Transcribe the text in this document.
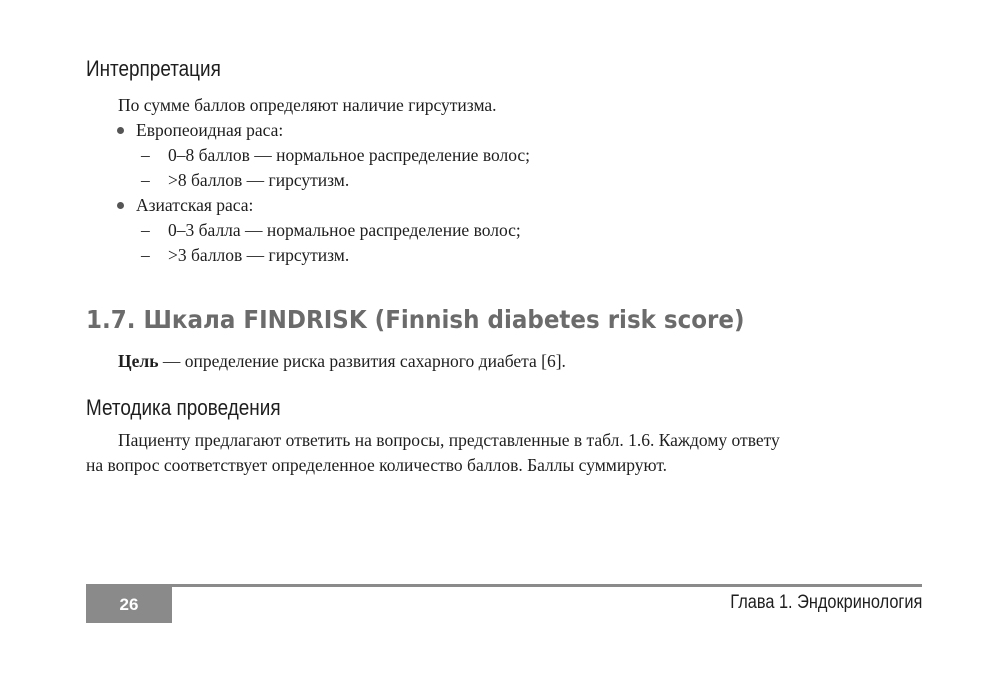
Интерпретация
По сумме баллов определяют наличие гирсутизма.
Европеоидная раса:
– 0–8 баллов — нормальное распределение волос;
– >8 баллов — гирсутизм.
Азиатская раса:
– 0–3 балла — нормальное распределение волос;
– >3 баллов — гирсутизм.
1.7. Шкала FINDRISK (Finnish diabetes risk score)
Цель — определение риска развития сахарного диабета [6].
Методика проведения
Пациенту предлагают ответить на вопросы, представленные в табл. 1.6. Каждому ответу
на вопрос соответствует определенное количество баллов. Баллы суммируют.
26	Глава 1. Эндокринология
